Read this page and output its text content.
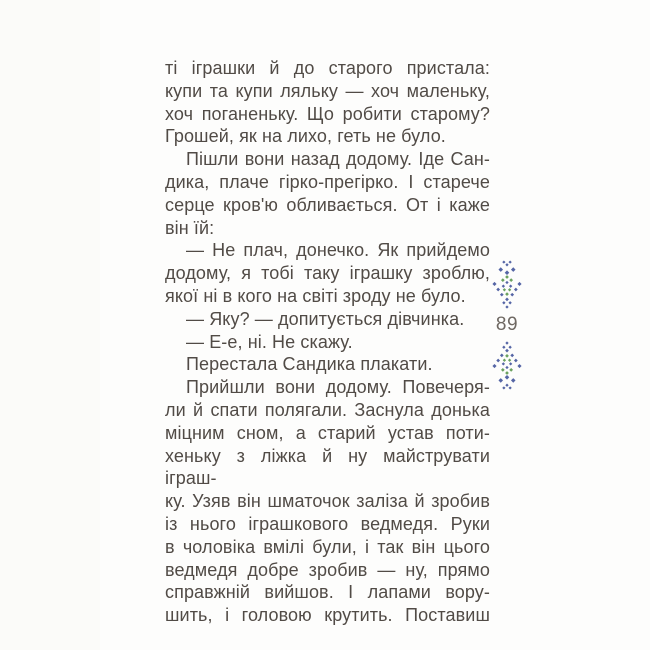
ті іграшки й до старого пристала:
купи та купи ляльку — хоч маленьку,
хоч поганеньку. Що робити старому?
Грошей, як на лихо, геть не було.
Пішли вони назад додому. Іде Сан-
дика, плаче гірко-прегірко. І старече
серце кров'ю обливається. От і каже
він їй:
— Не плач, донечко. Як прийдемо
додому, я тобі таку іграшку зроблю,
якої ні в кого на світі зроду не було.
— Яку? — допитується дівчинка.
— Е-е, ні. Не скажу.
Перестала Сандика плакати.
Прийшли вони додому. Повечеря-
ли й спати полягали. Заснула донька
міцним сном, а старий устав поти-
хеньку з ліжка й ну майструвати іграш-
ку. Узяв він шматочок заліза й зробив
із нього іграшкового ведмедя. Руки
в чоловіка вмілі були, і так він цього
ведмедя добре зробив — ну, прямо
справжній вийшов. І лапами вору-
шить, і головою крутить. Поставиш
89
